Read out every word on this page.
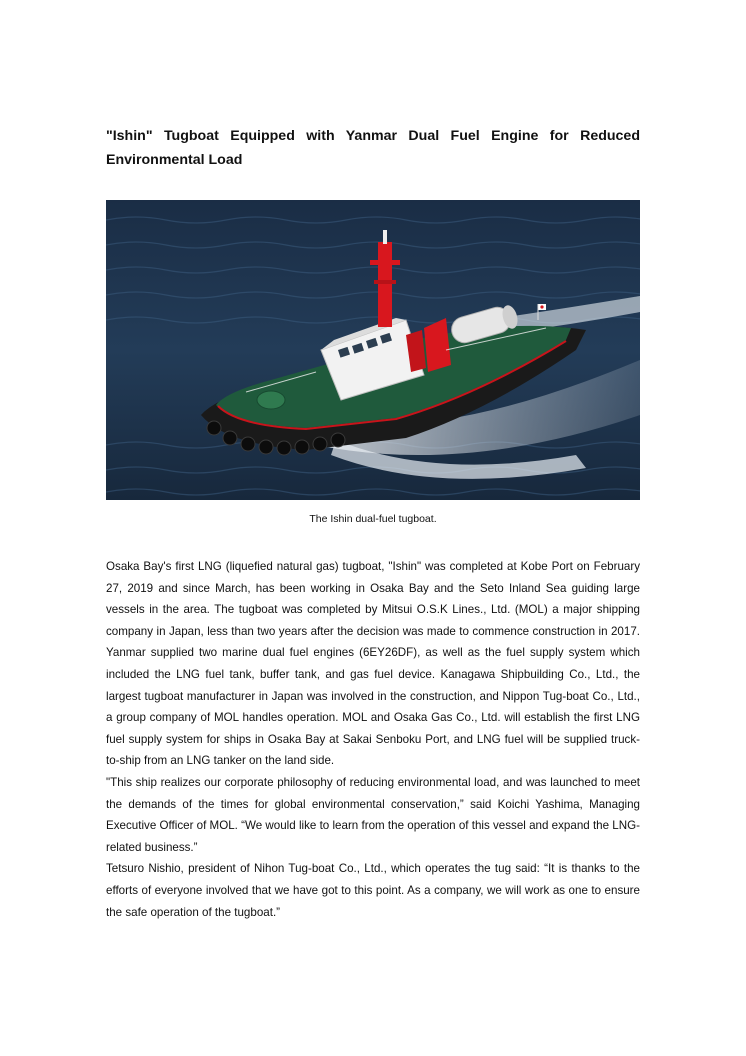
"Ishin" Tugboat Equipped with Yanmar Dual Fuel Engine for Reduced Environmental Load

The Ishin dual-fuel tugboat.

Osaka Bay's first LNG (liquefied natural gas) tugboat, "Ishin" was completed at Kobe Port on February 27, 2019 and since March, has been working in Osaka Bay and the Seto Inland Sea guiding large vessels in the area. The tugboat was completed by Mitsui O.S.K Lines., Ltd. (MOL) a major shipping company in Japan, less than two years after the decision was made to commence construction in 2017. Yanmar supplied two marine dual fuel engines (6EY26DF), as well as the fuel supply system which included the LNG fuel tank, buffer tank, and gas fuel device. Kanagawa Shipbuilding Co., Ltd., the largest tugboat manufacturer in Japan was involved in the construction, and Nippon Tug-boat Co., Ltd., a group company of MOL handles operation. MOL and Osaka Gas Co., Ltd. will establish the first LNG fuel supply system for ships in Osaka Bay at Sakai Senboku Port, and LNG fuel will be supplied truck-to-ship from an LNG tanker on the land side.

"This ship realizes our corporate philosophy of reducing environmental load, and was launched to meet the demands of the times for global environmental conservation,” said Koichi Yashima, Managing Executive Officer of MOL. “We would like to learn from the operation of this vessel and expand the LNG-related business.”

Tetsuro Nishio, president of Nihon Tug-boat Co., Ltd., which operates the tug said: “It is thanks to the efforts of everyone involved that we have got to this point. As a company, we will work as one to ensure the safe operation of the tugboat.”
